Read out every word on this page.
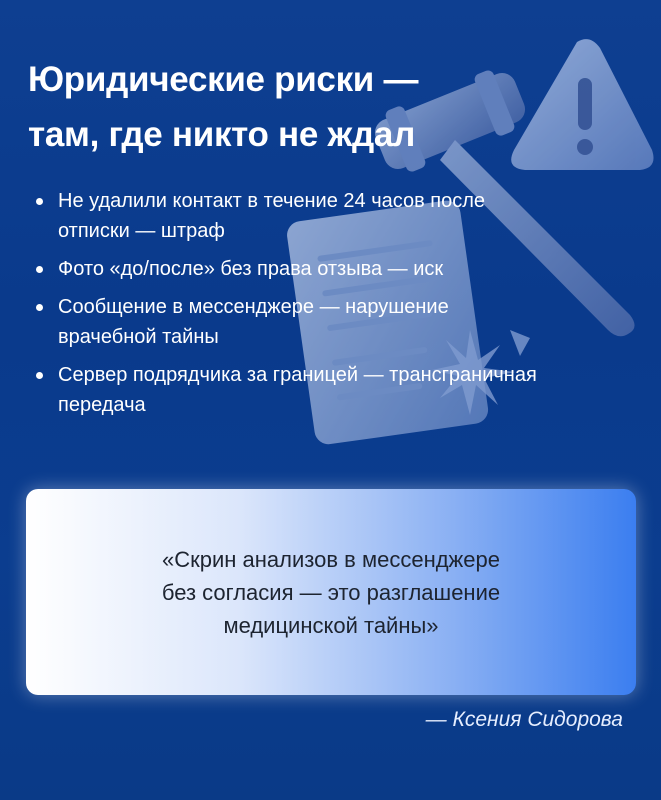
Юридические риски —
там, где никто не ждал
Не удалили контакт в течение 24 часов после
отписки — штраф
Фото «до/после» без права отзыва — иск
Сообщение в мессенджере — нарушение
врачебной тайны
Сервер подрядчика за границей — трансграничная
передача
«Скрин анализов в мессенджере
без согласия — это разглашение
медицинской тайны»
— Ксения Сидорова
